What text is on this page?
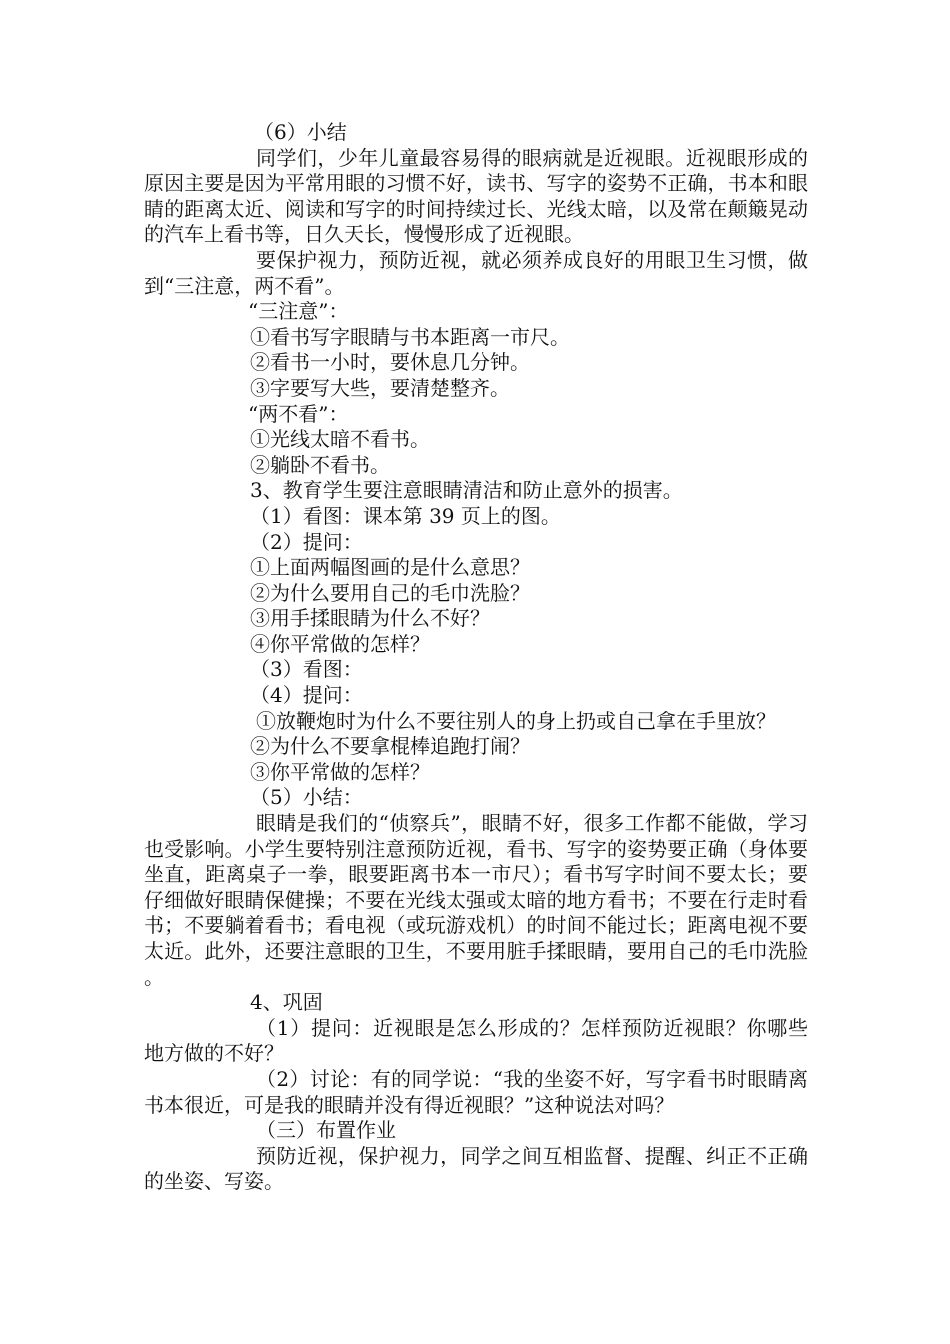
（6）小结
同学们，少年儿童最容易得的眼病就是近视眼。近视眼形成的原因主要是因为平常用眼的习惯不好，读书、写字的姿势不正确，书本和眼睛的距离太近、阅读和写字的时间持续过长、光线太暗，以及常在颠簸晃动的汽车上看书等，日久天长，慢慢形成了近视眼。
要保护视力，预防近视，就必须养成良好的用眼卫生习惯，做到“三注意，两不看”。
“三注意”：
①看书写字眼睛与书本距离一市尺。
②看书一小时，要休息几分钟。
③字要写大些，要清楚整齐。
“两不看”：
①光线太暗不看书。
②躺卧不看书。
3、教育学生要注意眼睛清洁和防止意外的损害。
（1）看图：课本第 39 页上的图。
（2）提问：
①上面两幅图画的是什么意思？
②为什么要用自己的毛巾洗脸？
③用手揉眼睛为什么不好？
④你平常做的怎样？
（3）看图：
（4）提问：
①放鞭炮时为什么不要往别人的身上扔或自己拿在手里放？
②为什么不要拿棍棒追跑打闹？
③你平常做的怎样？
（5）小结：
眼睛是我们的“侦察兵”，眼睛不好，很多工作都不能做，学习也受影响。小学生要特别注意预防近视，看书、写字的姿势要正确（身体要坐直，距离桌子一拳，眼要距离书本一市尺）；看书写字时间不要太长；要仔细做好眼睛保健操；不要在光线太强或太暗的地方看书；不要在行走时看书；不要躺着看书；看电视（或玩游戏机）的时间不能过长；距离电视不要太近。此外，还要注意眼的卫生，不要用脏手揉眼睛，要用自己的毛巾洗脸。
4、巩固
（1）提问：近视眼是怎么形成的？怎样预防近视眼？你哪些地方做的不好？
（2）讨论：有的同学说：“我的坐姿不好，写字看书时眼睛离书本很近，可是我的眼睛并没有得近视眼？”这种说法对吗？
（三）布置作业
预防近视，保护视力，同学之间互相监督、提醒、纠正不正确的坐姿、写姿。
